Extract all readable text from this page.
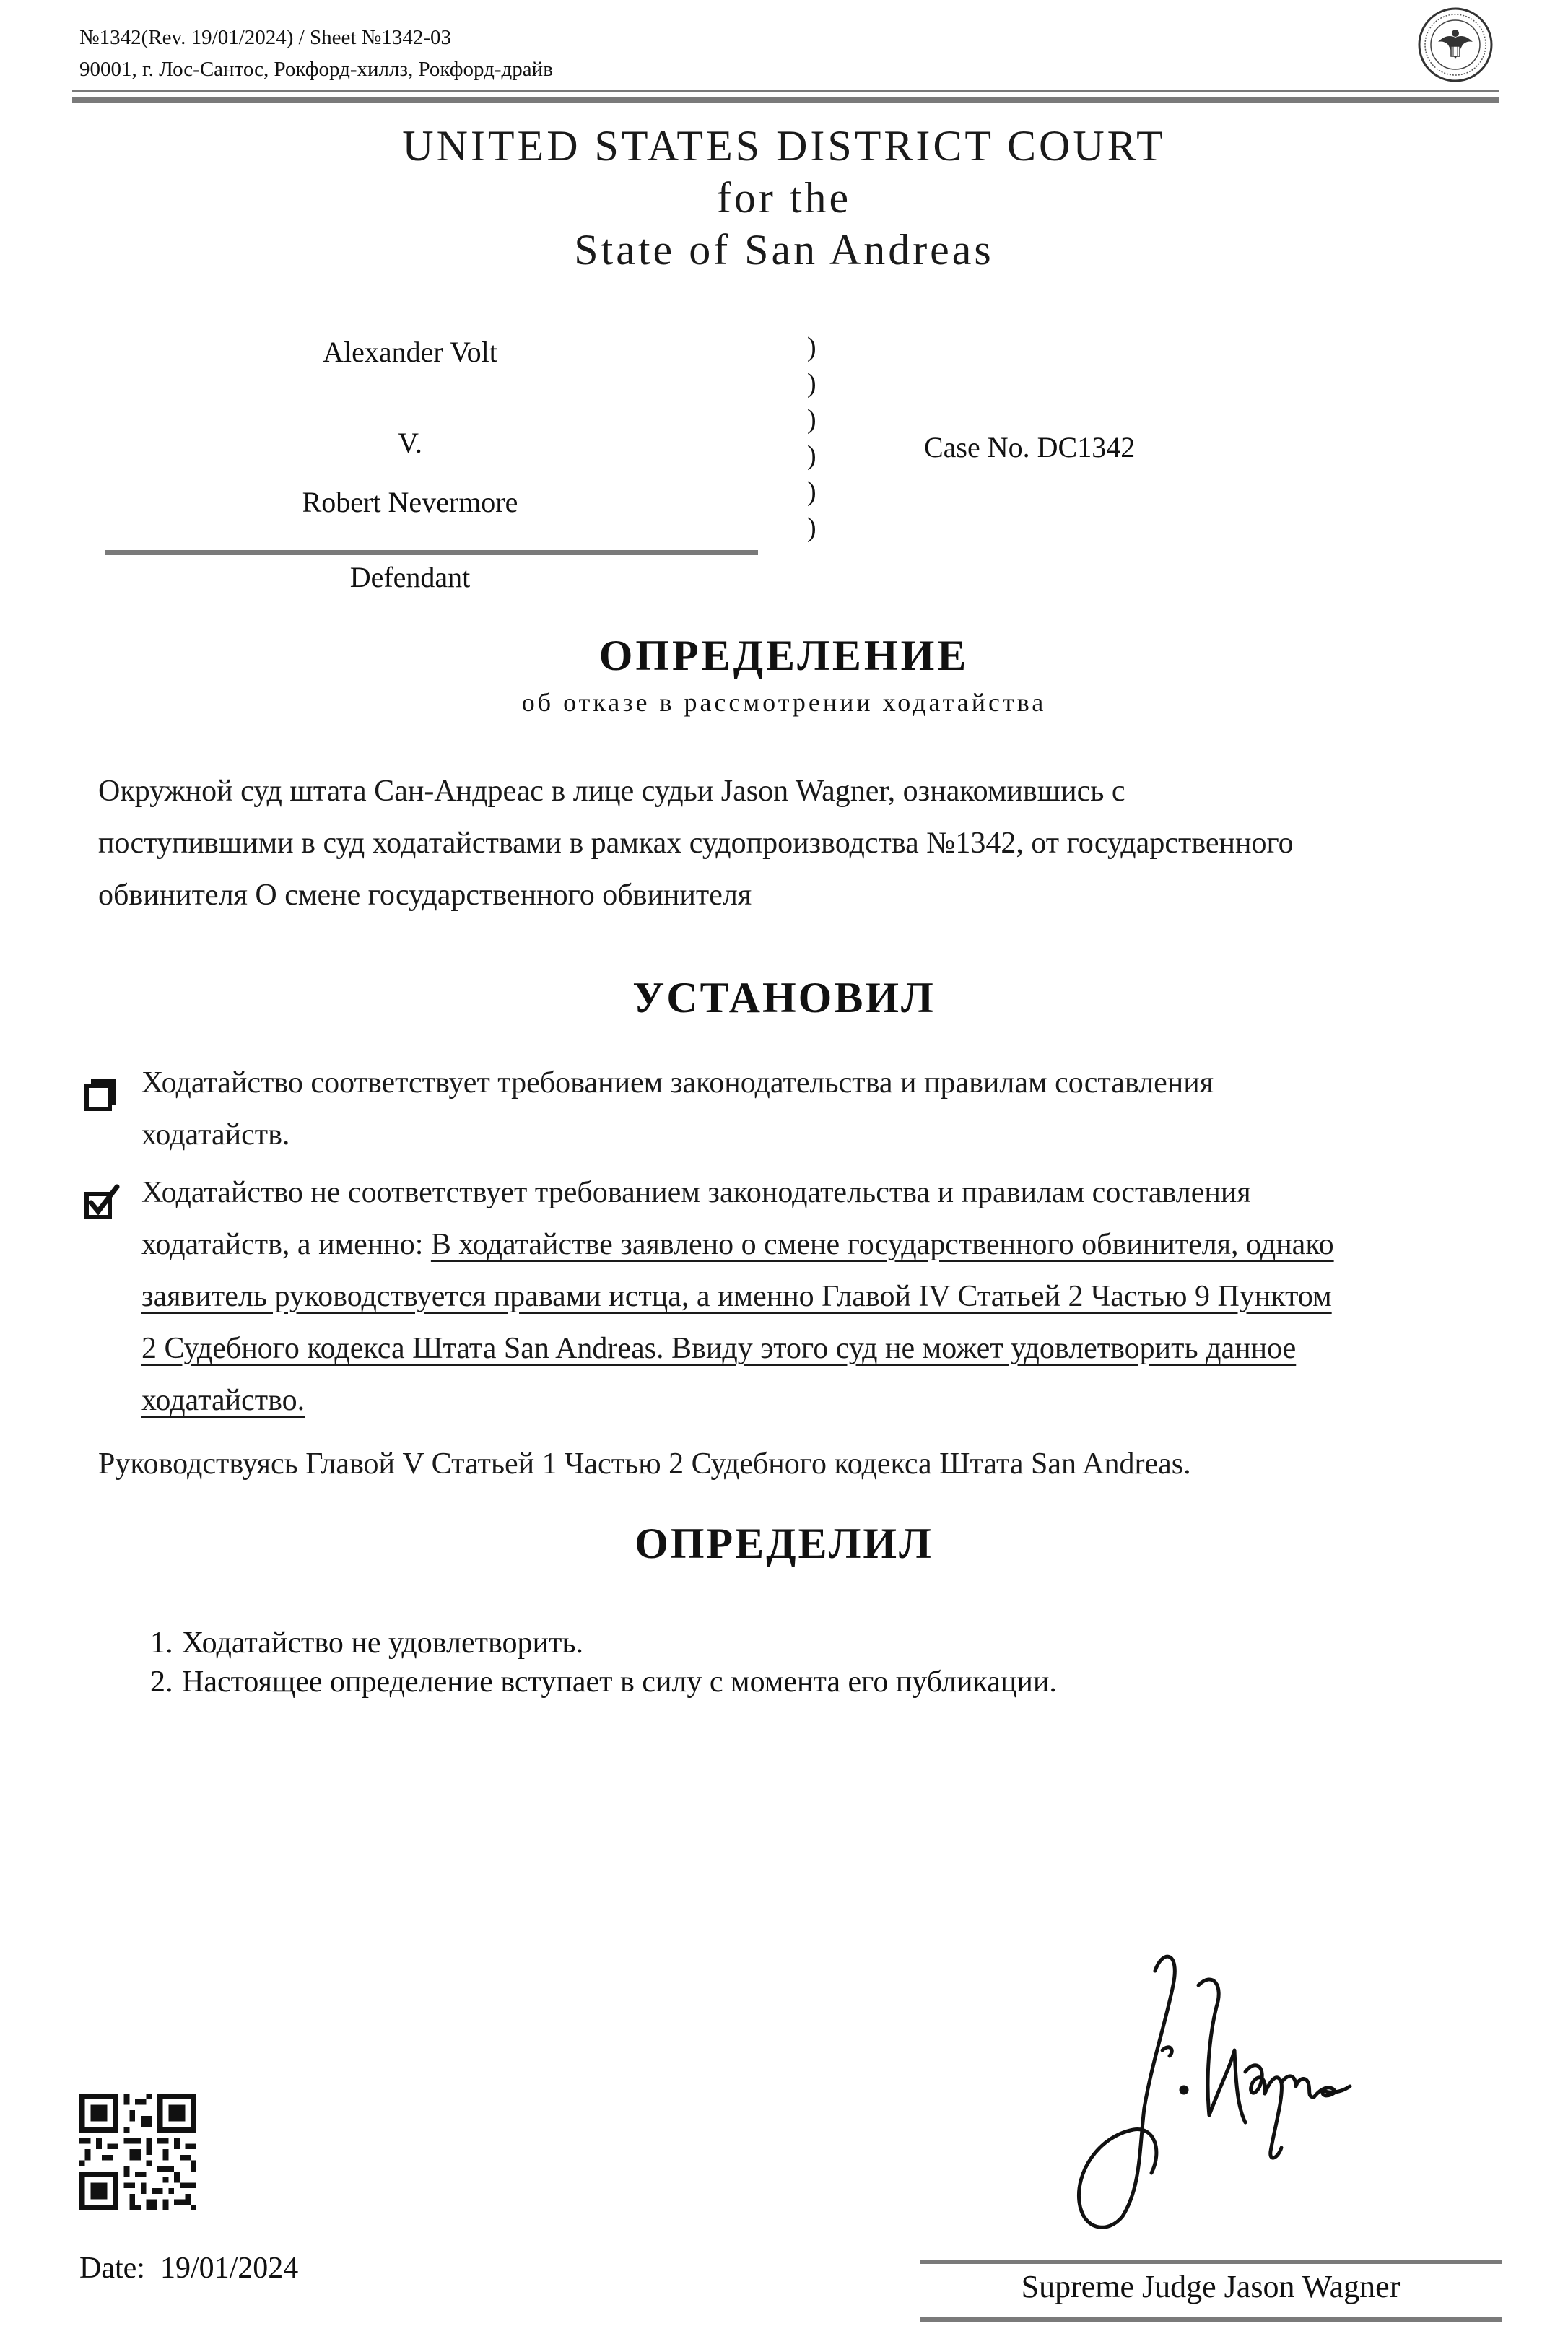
№1342(Rev. 19/01/2024) / Sheet №1342-03
90001, г. Лос-Сантос, Рокфорд-хиллз, Рокфорд-драйв
UNITED STATES DISTRICT COURT
for the
State of San Andreas
Alexander Volt
V.
Robert Nevermore
Defendant
)
)
)
)
)
)
Case No. DC1342
ОПРЕДЕЛЕНИЕ
об отказе в рассмотрении ходатайства
Окружной суд штата Сан-Андреас в лице судьи Jason Wagner, ознакомившись с
поступившими в суд ходатайствами в рамках судопроизводства №1342, от государственного
обвинителя О смене государственного обвинителя
УСТАНОВИЛ
Ходатайство соответствует требованием законодательства и правилам составления
ходатайств.
Ходатайство не соответствует требованием законодательства и правилам составления
ходатайств, а именно: В ходатайстве заявлено о смене государственного обвинителя, однако
заявитель руководствуется правами истца, а именно Главой IV Статьей 2 Частью 9 Пунктом
2 Судебного кодекса Штата San Andreas. Ввиду этого суд не может удовлетворить данное
ходатайство.
Руководствуясь Главой V Статьей 1 Частью 2 Судебного кодекса Штата San Andreas.
ОПРЕДЕЛИЛ
1. Ходатайство не удовлетворить.
2. Настоящее определение вступает в силу с момента его публикации.
Date: 19/01/2024
Supreme Judge Jason Wagner
